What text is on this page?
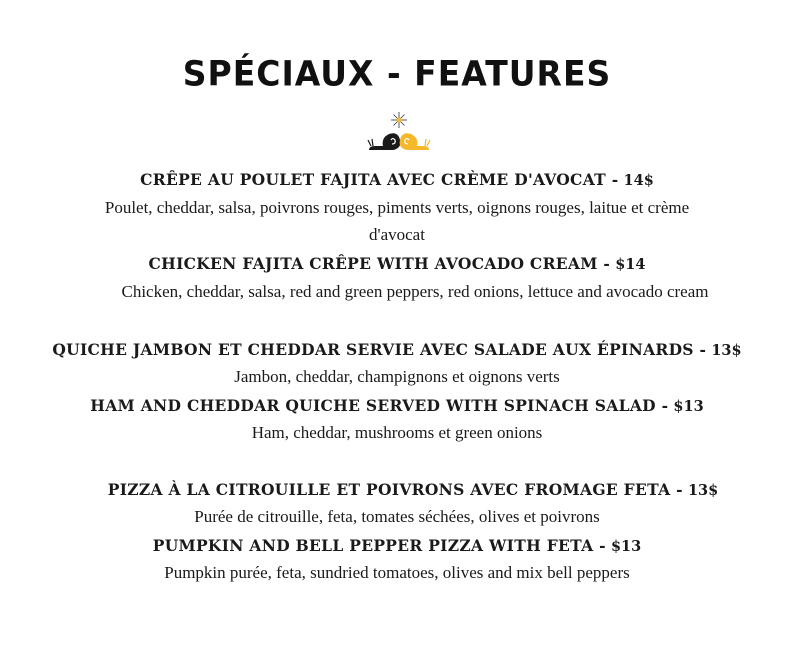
SPÉCIAUX - FEATURES
CRÊPE AU POULET FAJITA AVEC CRÈME D'AVOCAT - 14$
Poulet, cheddar, salsa, poivrons rouges, piments verts, oignons rouges, laitue et crème
d'avocat
CHICKEN FAJITA CRÊPE WITH AVOCADO CREAM - $14
Chicken, cheddar, salsa, red and green peppers, red onions, lettuce and avocado cream
QUICHE JAMBON ET CHEDDAR SERVIE AVEC SALADE AUX ÉPINARDS - 13$
Jambon, cheddar, champignons et oignons verts
HAM AND CHEDDAR QUICHE SERVED WITH SPINACH SALAD - $13
Ham, cheddar, mushrooms et green onions
PIZZA À LA CITROUILLE ET POIVRONS AVEC FROMAGE FETA - 13$
Purée de citrouille, feta, tomates séchées, olives et poivrons
PUMPKIN AND BELL PEPPER PIZZA WITH FETA - $13
Pumpkin purée, feta, sundried tomatoes, olives and mix bell peppers
